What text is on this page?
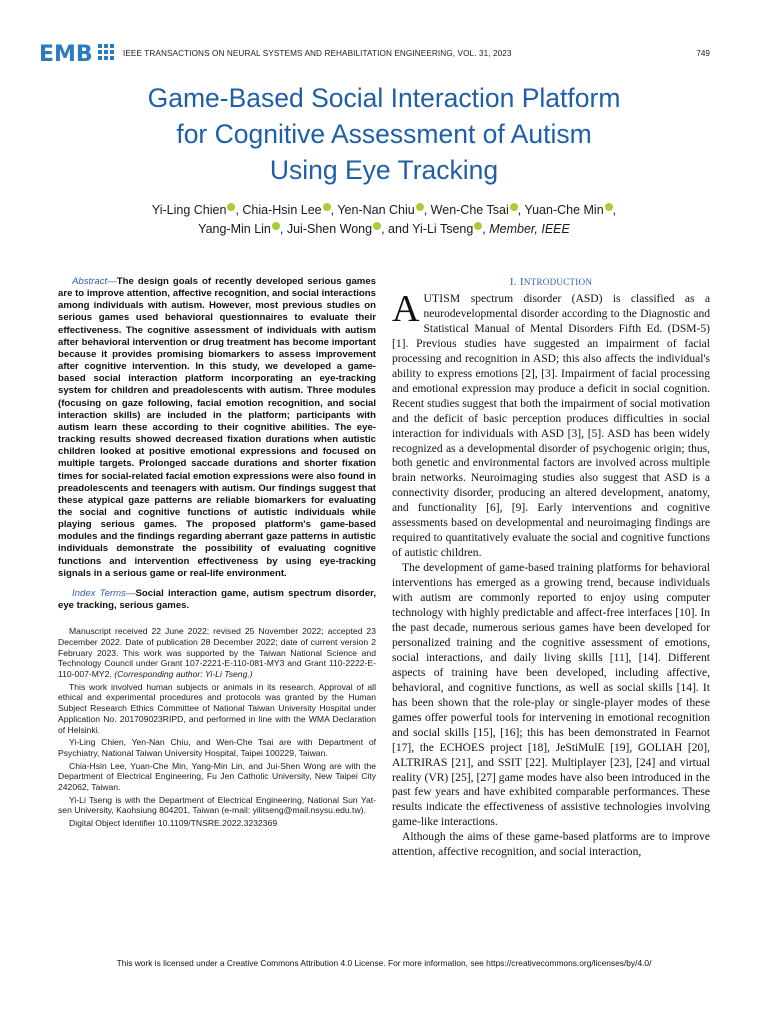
EMB	IEEE TRANSACTIONS ON NEURAL SYSTEMS AND REHABILITATION ENGINEERING, VOL. 31, 2023	749
Game-Based Social Interaction Platform
for Cognitive Assessment of Autism
Using Eye Tracking
Yi-Ling Chien , Chia-Hsin Lee , Yen-Nan Chiu , Wen-Che Tsai , Yuan-Che Min ,
Yang-Min Lin , Jui-Shen Wong , and Yi-Li Tseng , Member, IEEE

Abstract—The design goals of recently developed serious games are to improve attention, affective recognition, and social interactions among individuals with autism. However, most previous studies on serious games used behavioral questionnaires to evaluate their effectiveness. The cognitive assessment of individuals with autism after behavioral intervention or drug treatment has become important because it provides promising biomarkers to assess improvement after cognitive intervention. In this study, we developed a game-based social interaction platform incorporating an eye-tracking system for children and preadolescents with autism. Three modules (focusing on gaze following, facial emotion recognition, and social interaction skills) are included in the platform; participants with autism learn these according to their cognitive abilities. The eye-tracking results showed decreased fixation durations when autistic children looked at positive emotional expressions and focused on multiple targets. Prolonged saccade durations and shorter fixation times for social-related facial emotion expressions were also found in preadolescents and teenagers with autism. Our findings suggest that these atypical gaze patterns are reliable biomarkers for evaluating the social and cognitive functions of autistic individuals while playing serious games. The proposed platform's game-based modules and the findings regarding aberrant gaze patterns in autistic individuals demonstrate the possibility of evaluating cognitive functions and intervention effectiveness by using eye-tracking signals in a serious game or real-life environment.

Index Terms—Social interaction game, autism spectrum disorder, eye tracking, serious games.

Manuscript received 22 June 2022; revised 25 November 2022; accepted 23 December 2022. Date of publication 28 December 2022; date of current version 2 February 2023. This work was supported by the Taiwan National Science and Technology Council under Grant 107-2221-E-110-081-MY3 and Grant 110-2222-E-110-007-MY2. (Corresponding author: Yi-Li Tseng.)

This work involved human subjects or animals in its research. Approval of all ethical and experimental procedures and protocols was granted by the Human Subject Research Ethics Committee of National Taiwan University Hospital under Application No. 201709023RIPD, and performed in line with the WMA Declaration of Helsinki.

Yi-Ling Chien, Yen-Nan Chiu, and Wen-Che Tsai are with Department of Psychiatry, National Taiwan University Hospital, Taipei 100229, Taiwan.

Chia-Hsin Lee, Yuan-Che Min, Yang-Min Lin, and Jui-Shen Wong are with the Department of Electrical Engineering, Fu Jen Catholic University, New Taipei City 242062, Taiwan.

Yi-Li Tseng is with the Department of Electrical Engineering, National Sun Yat-sen University, Kaohsiung 804201, Taiwan (e-mail: yilitseng@mail.nsysu.edu.tw).

Digital Object Identifier 10.1109/TNSRE.2022.3232369

I. INTRODUCTION

AUTISM spectrum disorder (ASD) is classified as a neurodevelopmental disorder according to the Diagnostic and Statistical Manual of Mental Disorders Fifth Ed. (DSM-5) [1]. Previous studies have suggested an impairment of facial processing and recognition in ASD; this also affects the individual's ability to express emotions [2], [3]. Impairment of facial processing and emotional expression may produce a deficit in social cognition. Recent studies suggest that both the impairment of social motivation and the deficit of basic perception produces difficulties in social interaction for individuals with ASD [3], [5]. ASD has been widely recognized as a developmental disorder of psychogenic origin; thus, both genetic and environmental factors are involved across multiple brain networks. Neuroimaging studies also suggest that ASD is a connectivity disorder, producing an altered development, anatomy, and functionality [6], [9]. Early interventions and cognitive assessments based on developmental and neuroimaging findings are required to quantitatively evaluate the social and cognitive functions of autistic children.

The development of game-based training platforms for behavioral interventions has emerged as a growing trend, because individuals with autism are commonly reported to enjoy using computer technology with highly predictable and affect-free interfaces [10]. In the past decade, numerous serious games have been developed for personalized training and the cognitive assessment of emotions, social interactions, and daily living skills [11], [14]. Different aspects of training have been developed, including affective, behavioral, and cognitive functions, as well as social skills [14]. It has been shown that the role-play or single-player modes of these games offer powerful tools for intervening in emotional recognition and social skills [15], [16]; this has been demonstrated in Fearnot [17], the ECHOES project [18], JeStiMulE [19], GOLIAH [20], ALTRIRAS [21], and SSIT [22]. Multiplayer [23], [24] and virtual reality (VR) [25], [27] game modes have also been introduced in the past few years and have exhibited comparable performances. These results indicate the effectiveness of assistive technologies involving game-like interactions.

Although the aims of these game-based platforms are to improve attention, affective recognition, and social interaction,

This work is licensed under a Creative Commons Attribution 4.0 License. For more information, see https://creativecommons.org/licenses/by/4.0/
